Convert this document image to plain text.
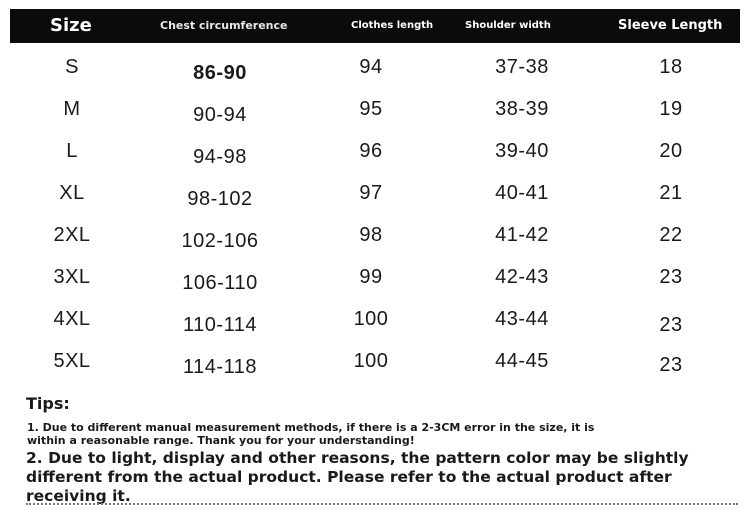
Size	Chest circumference	Clothes length	Shoulder width	Sleeve Length
S	86-90	94	37-38	18
M	90-94	95	38-39	19
L	94-98	96	39-40	20
XL	98-102	97	40-41	21
2XL	102-106	98	41-42	22
3XL	106-110	99	42-43	23
4XL	110-114	100	43-44	23
5XL	114-118	100	44-45	23
Tips:
1. Due to different manual measurement methods, if there is a 2-3CM error in the size, it is within a reasonable range. Thank you for your understanding!
2. Due to light, display and other reasons, the pattern color may be slightly different from the actual product. Please refer to the actual product after receiving it.
